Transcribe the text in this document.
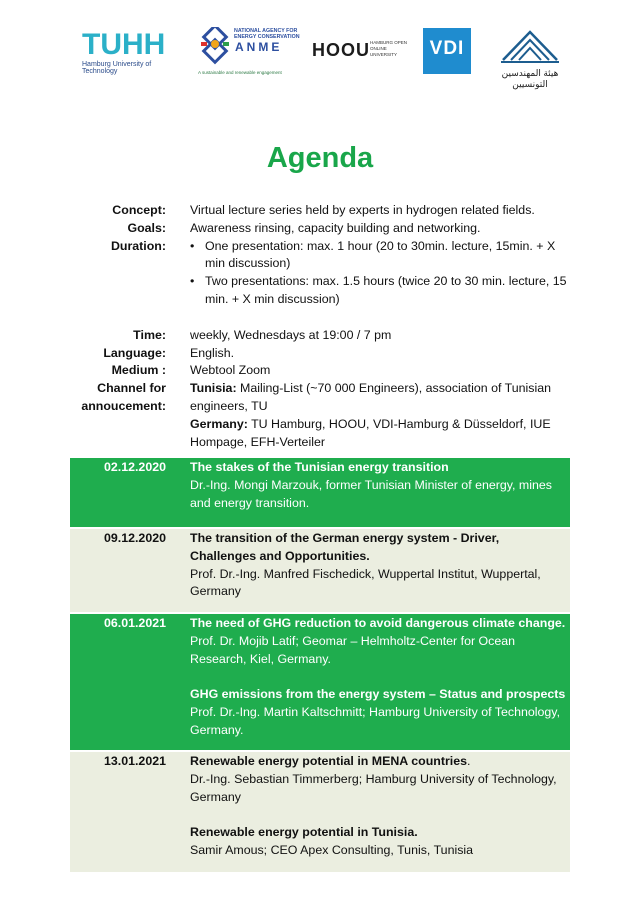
TUHH
Hamburg University of Technology
NATIONAL AGENCY FOR ENERGY CONSERVATION
ANME
A sustainable and renewable engagement
HOOU HAMBURG OPEN ONLINE UNIVERSITY	VDI
هيئة المهندسين التونسيين
Agenda
Concept:	Virtual lecture series held by experts in hydrogen related fields.
Goals:	Awareness rinsing, capacity building and networking.
Duration:
•	One presentation: max. 1 hour (20 to 30min. lecture, 15min. + X min discussion)
• Two presentations: max. 1.5 hours (twice 20 to 30 min. lecture, 15 min. + X min discussion)
Time:	weekly, Wednesdays at 19:00 / 7 pm
Language:	English.
Medium :	Webtool Zoom
Channel for annoucement:
Tunisia: Mailing-List (~70 000 Engineers), association of Tunisian engineers, TU
Germany: TU Hamburg, HOOU, VDI-Hamburg & Düsseldorf, IUE Hompage, EFH-Verteiler
02.12.2020 The stakes of the Tunisian energy transition
Dr.-Ing. Mongi Marzouk, former Tunisian Minister of energy, mines and energy transition.
09.12.2020 The transition of the German energy system - Driver, Challenges and Opportunities.
Prof. Dr.-Ing. Manfred Fischedick, Wuppertal Institut, Wuppertal, Germany
06.01.2021 The need of GHG reduction to avoid dangerous climate change.
Prof. Dr. Mojib Latif; Geomar – Helmholtz-Center for Ocean Research, Kiel, Germany.
GHG emissions from the energy system – Status and prospects
Prof. Dr.-Ing. Martin Kaltschmitt; Hamburg University of Technology, Germany.
13.01.2021 Renewable energy potential in MENA countries.
Dr.-Ing. Sebastian Timmerberg; Hamburg University of Technology, Germany
Renewable energy potential in Tunisia.
Samir Amous; CEO Apex Consulting, Tunis, Tunisia
